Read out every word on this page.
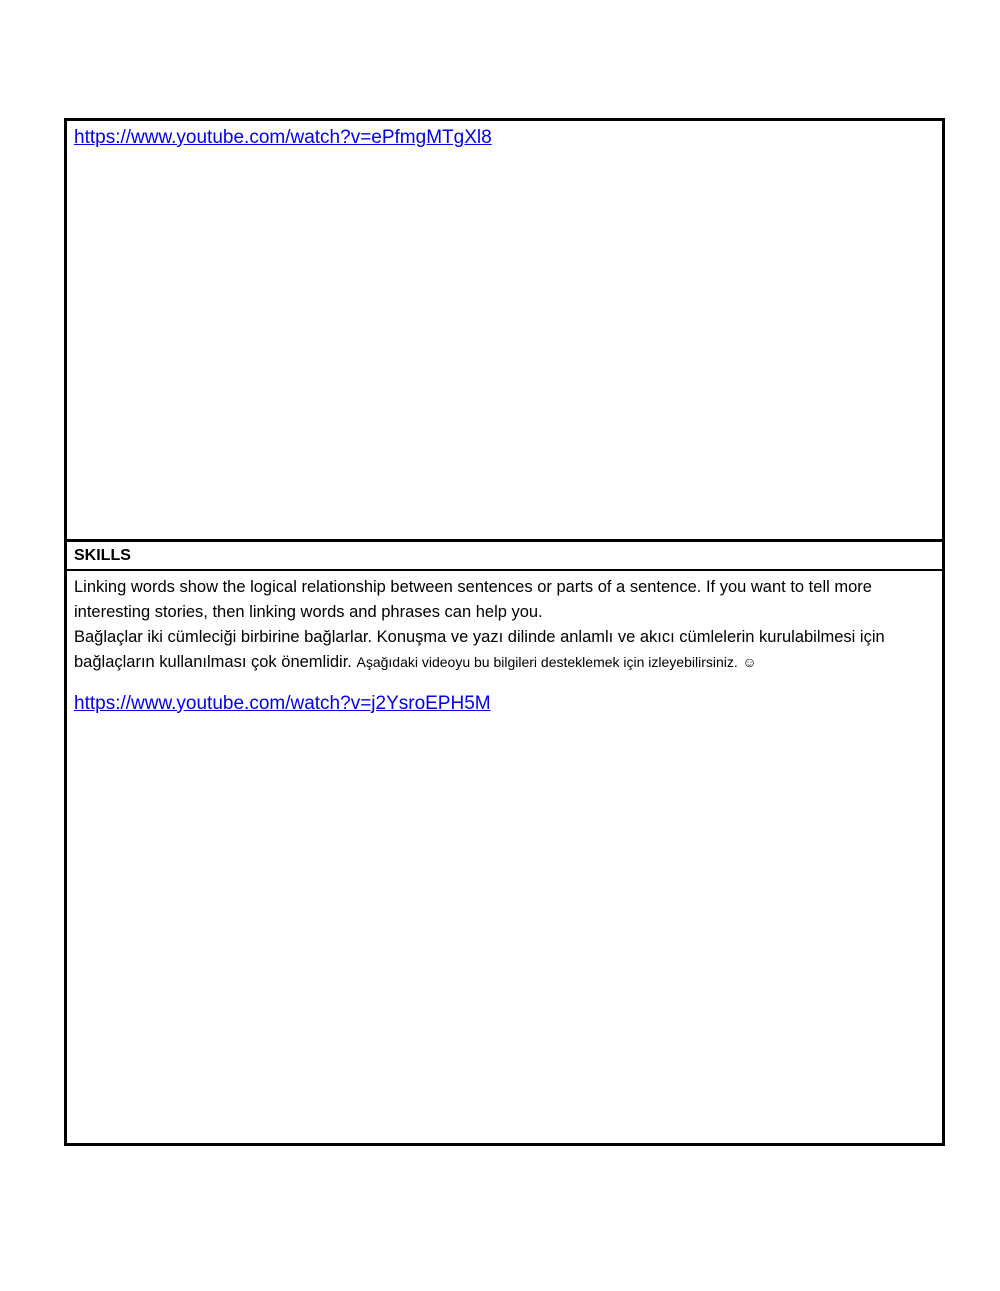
https://www.youtube.com/watch?v=ePfmgMTgXl8
SKILLS

Linking words show the logical relationship between sentences or parts of a sentence. If you want to tell more interesting stories, then linking words and phrases can help you.

Bağlaçlar iki cümleciği birbirine bağlarlar. Konuşma ve yazı dilinde anlamlı ve akıcı cümlelerin kurulabilmesi için bağlaçların kullanılması çok önemlidir. Aşağıdaki videoyu bu bilgileri desteklemek için izleyebilirsiniz. ☺

https://www.youtube.com/watch?v=j2YsroEPH5M
